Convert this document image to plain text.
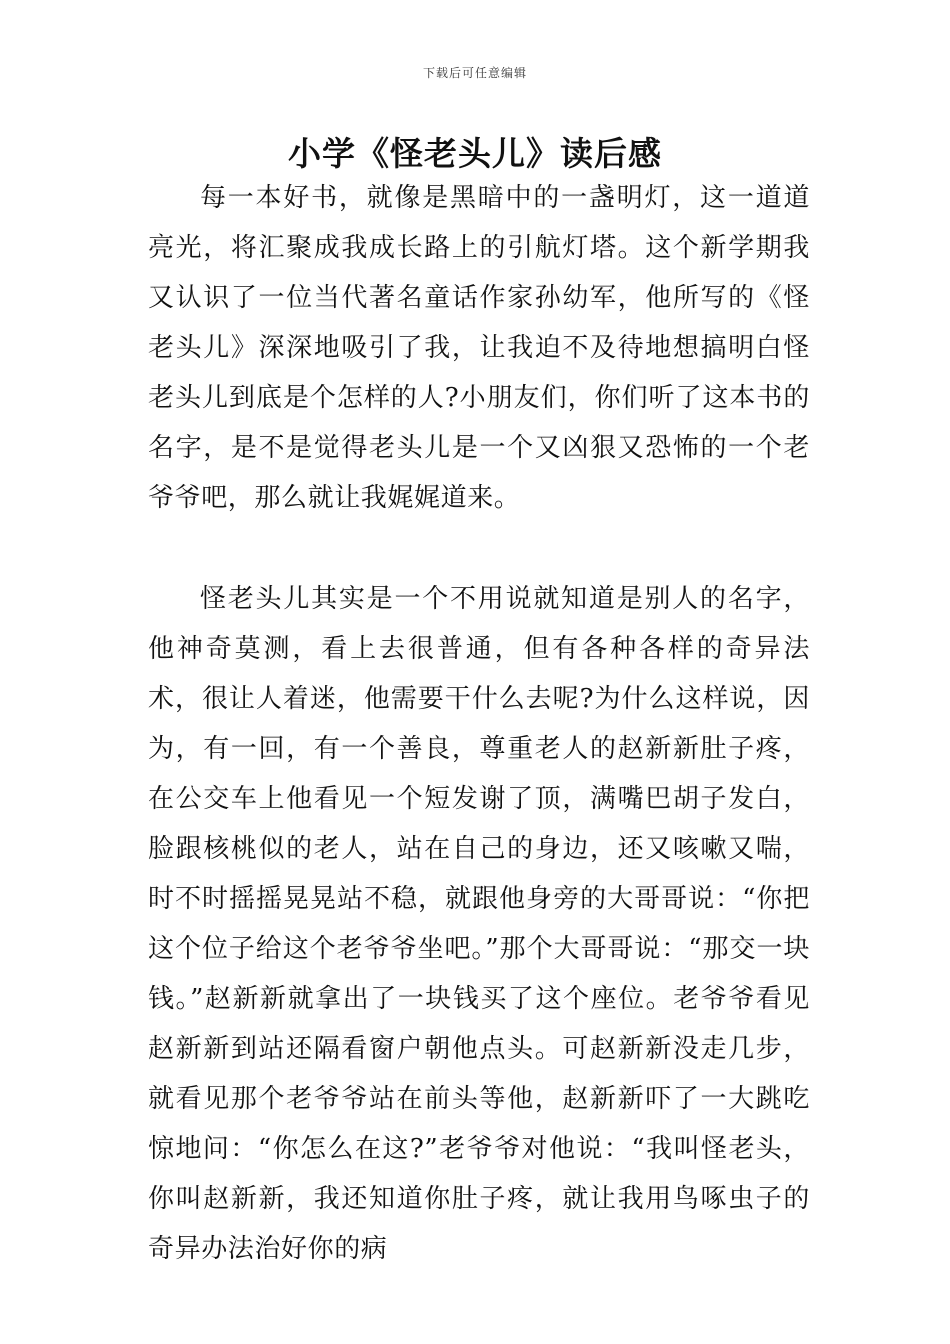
下载后可任意编辑
小学《怪老头儿》读后感

每一本好书，就像是黑暗中的一盏明灯，这一道道亮光，将汇聚成我成长路上的引航灯塔。这个新学期我又认识了一位当代著名童话作家孙幼军，他所写的《怪老头儿》深深地吸引了我，让我迫不及待地想搞明白怪老头儿到底是个怎样的人?小朋友们，你们听了这本书的名字，是不是觉得老头儿是一个又凶狠又恐怖的一个老爷爷吧，那么就让我娓娓道来。

怪老头儿其实是一个不用说就知道是别人的名字，他神奇莫测，看上去很普通，但有各种各样的奇异法术，很让人着迷，他需要干什么去呢?为什么这样说，因为，有一回，有一个善良，尊重老人的赵新新肚子疼，在公交车上他看见一个短发谢了顶，满嘴巴胡子发白，脸跟核桃似的老人，站在自己的身边，还又咳嗽又喘，时不时摇摇晃晃站不稳，就跟他身旁的大哥哥说：“你把这个位子给这个老爷爷坐吧。”那个大哥哥说：“那交一块钱。”赵新新就拿出了一块钱买了这个座位。老爷爷看见赵新新到站还隔看窗户朝他点头。可赵新新没走几步，就看见那个老爷爷站在前头等他，赵新新吓了一大跳吃惊地问：“你怎么在这?”老爷爷对他说：“我叫怪老头，你叫赵新新，我还知道你肚子疼，就让我用鸟啄虫子的奇异办法治好你的病
